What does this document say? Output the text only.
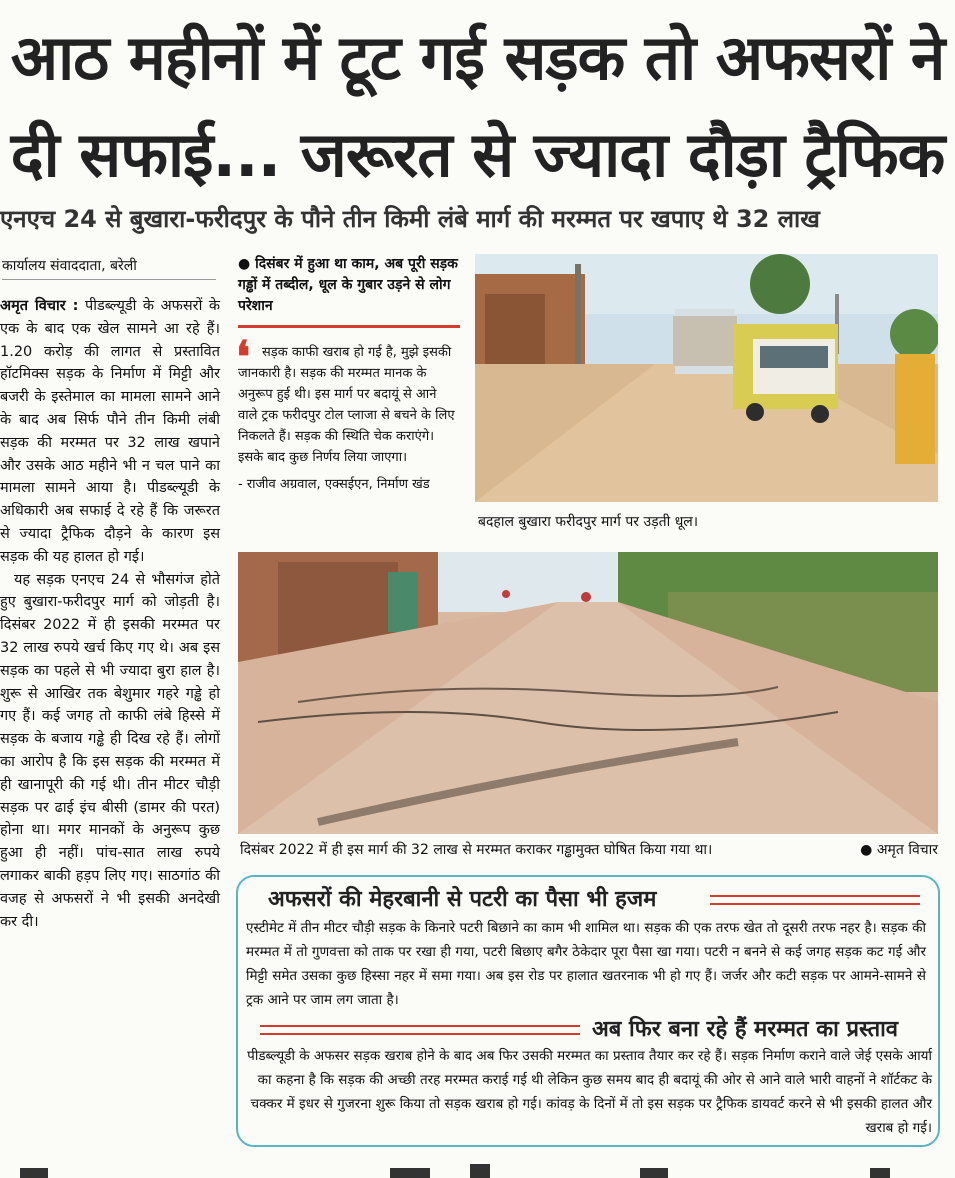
आठ महीनों में टूट गई सड़क तो अफसरों ने
दी सफाई... जरूरत से ज्यादा दौड़ा ट्रैफिक
एनएच 24 से बुखारा-फरीदपुर के पौने तीन किमी लंबे मार्ग की मरम्मत पर खपाए थे 32 लाख
कार्यालय संवाददाता, बरेली

अमृत विचार : पीडब्ल्यूडी के अफसरों के एक के बाद एक खेल सामने आ रहे हैं। 1.20 करोड़ की लागत से प्रस्तावित हॉटमिक्स सड़क के निर्माण में मिट्टी और बजरी के इस्तेमाल का मामला सामने आने के बाद अब सिर्फ पौने तीन किमी लंबी सड़क की मरम्मत पर 32 लाख खपाने और उसके आठ महीने भी न चल पाने का मामला सामने आया है। पीडब्ल्यूडी के अधिकारी अब सफाई दे रहे हैं कि जरूरत से ज्यादा ट्रैफिक दौड़ने के कारण इस सड़क की यह हालत हो गई।

यह सड़क एनएच 24 से भौसगंज होते हुए बुखारा-फरीदपुर मार्ग को जोड़ती है। दिसंबर 2022 में ही इसकी मरम्मत पर 32 लाख रुपये खर्च किए गए थे। अब इस सड़क का पहले से भी ज्यादा बुरा हाल है। शुरू से आखिर तक बेशुमार गहरे गड्ढे हो गए हैं। कई जगह तो काफी लंबे हिस्से में सड़क के बजाय गड्ढे ही दिख रहे हैं। लोगों का आरोप है कि इस सड़क की मरम्मत में ही खानापूरी की गई थी। तीन मीटर चौड़ी सड़क पर ढाई इंच बीसी (डामर की परत) होना था। मगर मानकों के अनुरूप कुछ हुआ ही नहीं। पांच-सात लाख रुपये लगाकर बाकी हड़प लिए गए। साठगांठ की वजह से अफसरों ने भी इसकी अनदेखी कर दी।

● दिसंबर में हुआ था काम, अब पूरी सड़क गड्ढों में तब्दील, धूल के गुबार उड़ने से लोग परेशान
❛ सड़क काफी खराब हो गई है, मुझे इसकी जानकारी है। सड़क की मरम्मत मानक के अनुरूप हुई थी। इस मार्ग पर बदायूं से आने वाले ट्रक फरीदपुर टोल प्लाजा से बचने के लिए निकलते हैं। सड़क की स्थिति चेक कराएंगे। इसके बाद कुछ निर्णय लिया जाएगा।
- राजीव अग्रवाल, एक्सईएन, निर्माण खंड
बदहाल बुखारा फरीदपुर मार्ग पर उड़ती धूल।
दिसंबर 2022 में ही इस मार्ग की 32 लाख से मरम्मत कराकर गड्ढामुक्त घोषित किया गया था।	● अमृत विचार
अफसरों की मेहरबानी से पटरी का पैसा भी हजम
एस्टीमेट में तीन मीटर चौड़ी सड़क के किनारे पटरी बिछाने का काम भी शामिल था। सड़क की एक तरफ खेत तो दूसरी तरफ नहर है। सड़क की मरम्मत में तो गुणवत्ता को ताक पर रखा ही गया, पटरी बिछाए बगैर ठेकेदार पूरा पैसा खा गया। पटरी न बनने से कई जगह सड़क कट गई और मिट्टी समेत उसका कुछ हिस्सा नहर में समा गया। अब इस रोड पर हालात खतरनाक भी हो गए हैं। जर्जर और कटी सड़क पर आमने-सामने से ट्रक आने पर जाम लग जाता है।
अब फिर बना रहे हैं मरम्मत का प्रस्ताव
पीडब्ल्यूडी के अफसर सड़क खराब होने के बाद अब फिर उसकी मरम्मत का प्रस्ताव तैयार कर रहे हैं। सड़क निर्माण कराने वाले जेई एसके आर्या का कहना है कि सड़क की अच्छी तरह मरम्मत कराई गई थी लेकिन कुछ समय बाद ही बदायूं की ओर से आने वाले भारी वाहनों ने शॉर्टकट के चक्कर में इधर से गुजरना शुरू किया तो सड़क खराब हो गई। कांवड़ के दिनों में तो इस सड़क पर ट्रैफिक डायवर्ट करने से भी इसकी हालत और खराब हो गई।
